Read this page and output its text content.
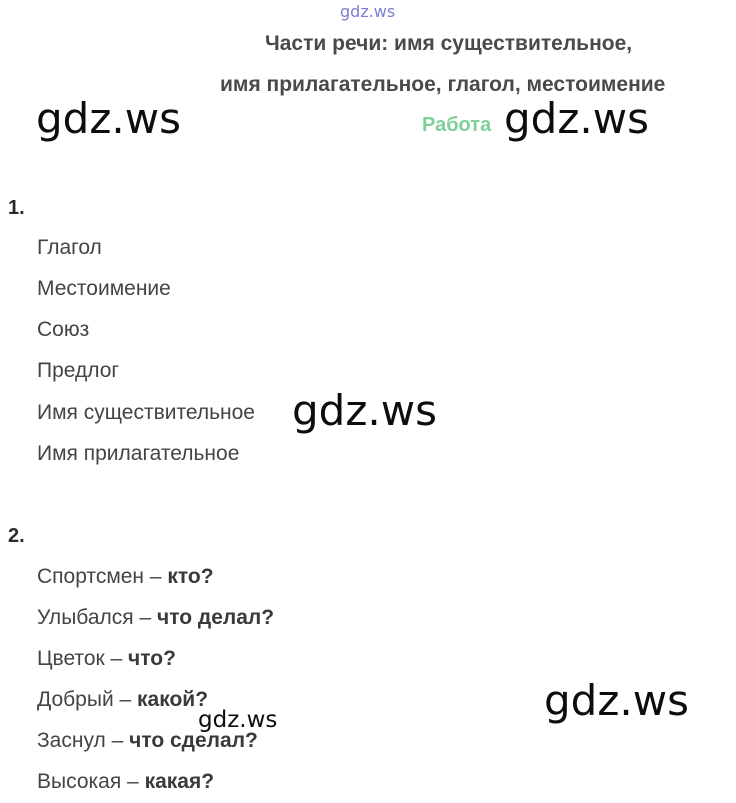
gdz.ws
Части речи: имя существительное,
имя прилагательное, глагол, местоимение
Работа
1.
Глагол
Местоимение
Союз
Предлог
Имя существительное
Имя прилагательное
2.
Спортсмен – кто?
Улыбался – что делал?
Цветок – что?
Добрый – какой?
Заснул – что сделал?
Высокая – какая?
gdz.ws	gdz.ws
gdz.ws
gdz.ws
gdz.ws
